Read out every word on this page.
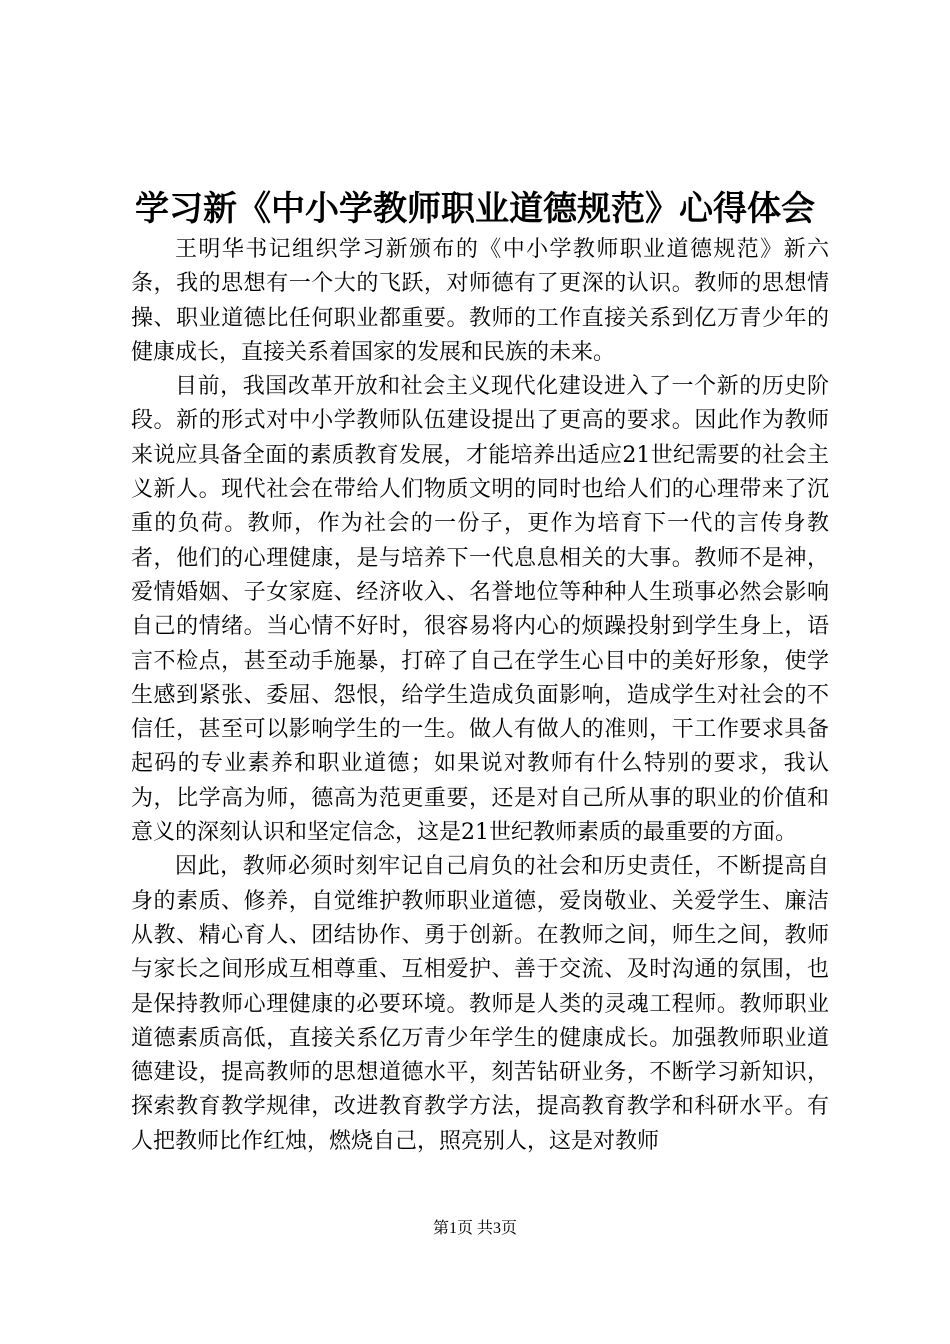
学习新《中小学教师职业道德规范》心得体会

王明华书记组织学习新颁布的《中小学教师职业道德规范》新六条，我的思想有一个大的飞跃，对师德有了更深的认识。教师的思想情操、职业道德比任何职业都重要。教师的工作直接关系到亿万青少年的健康成长，直接关系着国家的发展和民族的未来。

目前，我国改革开放和社会主义现代化建设进入了一个新的历史阶段。新的形式对中小学教师队伍建设提出了更高的要求。因此作为教师来说应具备全面的素质教育发展，才能培养出适应21世纪需要的社会主义新人。现代社会在带给人们物质文明的同时也给人们的心理带来了沉重的负荷。教师，作为社会的一份子，更作为培育下一代的言传身教者，他们的心理健康，是与培养下一代息息相关的大事。教师不是神，爱情婚姻、子女家庭、经济收入、名誉地位等种种人生琐事必然会影响自己的情绪。当心情不好时，很容易将内心的烦躁投射到学生身上，语言不检点，甚至动手施暴，打碎了自己在学生心目中的美好形象，使学生感到紧张、委屈、怨恨，给学生造成负面影响，造成学生对社会的不信任，甚至可以影响学生的一生。做人有做人的准则，干工作要求具备起码的专业素养和职业道德；如果说对教师有什么特别的要求，我认为，比学高为师，德高为范更重要，还是对自己所从事的职业的价值和意义的深刻认识和坚定信念，这是21世纪教师素质的最重要的方面。

因此，教师必须时刻牢记自己肩负的社会和历史责任，不断提高自身的素质、修养，自觉维护教师职业道德，爱岗敬业、关爱学生、廉洁从教、精心育人、团结协作、勇于创新。在教师之间，师生之间，教师与家长之间形成互相尊重、互相爱护、善于交流、及时沟通的氛围，也是保持教师心理健康的必要环境。教师是人类的灵魂工程师。教师职业道德素质高低，直接关系亿万青少年学生的健康成长。加强教师职业道德建设，提高教师的思想道德水平，刻苦钻研业务，不断学习新知识，探索教育教学规律，改进教育教学方法，提高教育教学和科研水平。有人把教师比作红烛，燃烧自己，照亮别人，这是对教师

第1页 共3页
